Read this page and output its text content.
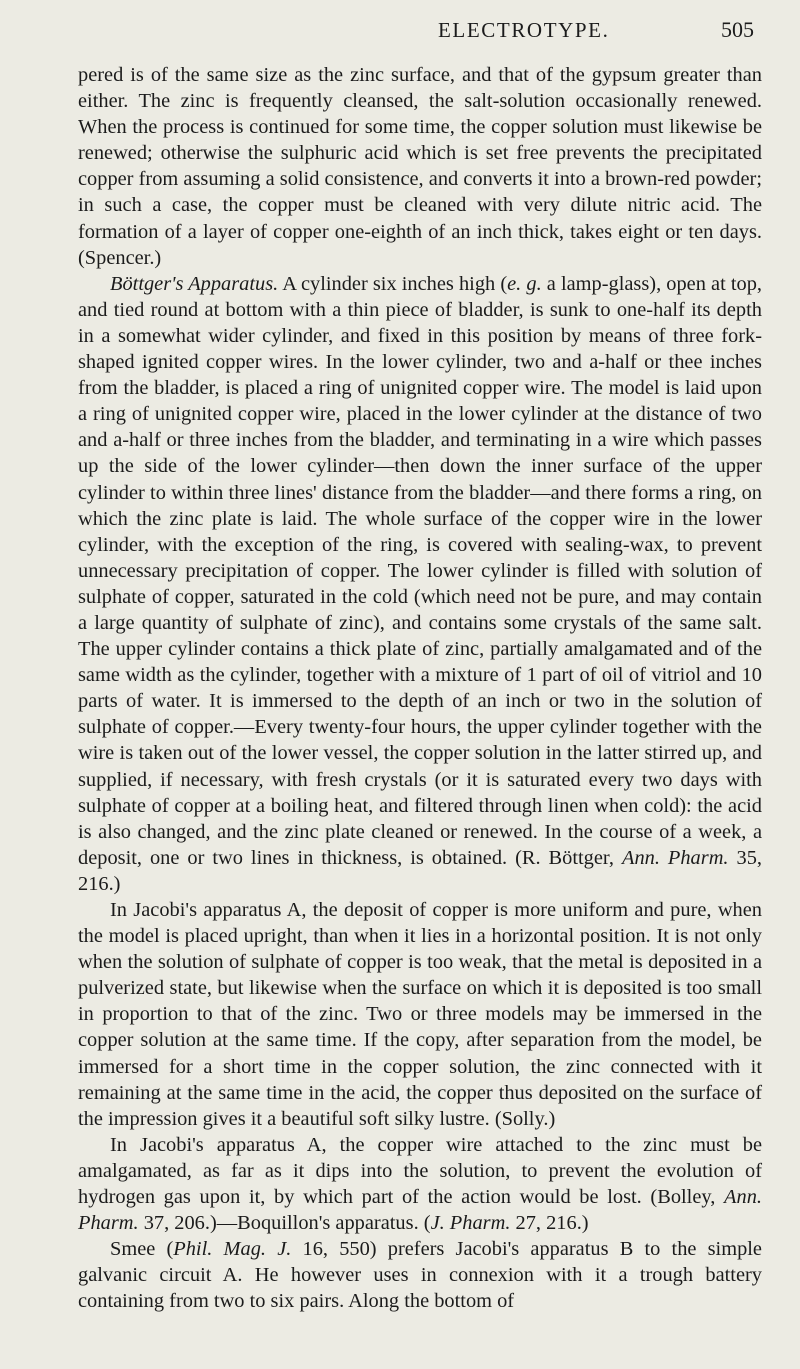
ELECTROTYPE.	505

pered is of the same size as the zinc surface, and that of the gypsum greater than either. The zinc is frequently cleansed, the salt-solution occasionally renewed. When the process is continued for some time, the copper solution must likewise be renewed; otherwise the sulphuric acid which is set free prevents the precipitated copper from assuming a solid consistence, and converts it into a brown-red powder; in such a case, the copper must be cleaned with very dilute nitric acid. The formation of a layer of copper one-eighth of an inch thick, takes eight or ten days. (Spencer.)

Böttger's Apparatus. A cylinder six inches high (e. g. a lamp-glass), open at top, and tied round at bottom with a thin piece of bladder, is sunk to one-half its depth in a somewhat wider cylinder, and fixed in this position by means of three fork-shaped ignited copper wires. In the lower cylinder, two and a-half or thee inches from the bladder, is placed a ring of unignited copper wire. The model is laid upon a ring of unignited copper wire, placed in the lower cylinder at the distance of two and a-half or three inches from the bladder, and terminating in a wire which passes up the side of the lower cylinder—then down the inner surface of the upper cylinder to within three lines' distance from the bladder—and there forms a ring, on which the zinc plate is laid. The whole surface of the copper wire in the lower cylinder, with the exception of the ring, is covered with sealing-wax, to prevent unnecessary precipitation of copper. The lower cylinder is filled with solution of sulphate of copper, saturated in the cold (which need not be pure, and may contain a large quantity of sulphate of zinc), and contains some crystals of the same salt. The upper cylinder contains a thick plate of zinc, partially amalgamated and of the same width as the cylinder, together with a mixture of 1 part of oil of vitriol and 10 parts of water. It is immersed to the depth of an inch or two in the solution of sulphate of copper.—Every twenty-four hours, the upper cylinder together with the wire is taken out of the lower vessel, the copper solution in the latter stirred up, and supplied, if necessary, with fresh crystals (or it is saturated every two days with sulphate of copper at a boiling heat, and filtered through linen when cold): the acid is also changed, and the zinc plate cleaned or renewed. In the course of a week, a deposit, one or two lines in thickness, is obtained. (R. Böttger, Ann. Pharm. 35, 216.)

In Jacobi's apparatus A, the deposit of copper is more uniform and pure, when the model is placed upright, than when it lies in a horizontal position. It is not only when the solution of sulphate of copper is too weak, that the metal is deposited in a pulverized state, but likewise when the surface on which it is deposited is too small in proportion to that of the zinc. Two or three models may be immersed in the copper solution at the same time. If the copy, after separation from the model, be immersed for a short time in the copper solution, the zinc connected with it remaining at the same time in the acid, the copper thus deposited on the surface of the impression gives it a beautiful soft silky lustre. (Solly.)

In Jacobi's apparatus A, the copper wire attached to the zinc must be amalgamated, as far as it dips into the solution, to prevent the evolution of hydrogen gas upon it, by which part of the action would be lost. (Bolley, Ann. Pharm. 37, 206.)—Boquillon's apparatus. (J. Pharm. 27, 216.)

Smee (Phil. Mag. J. 16, 550) prefers Jacobi's apparatus B to the simple galvanic circuit A. He however uses in connexion with it a trough battery containing from two to six pairs. Along the bottom of
